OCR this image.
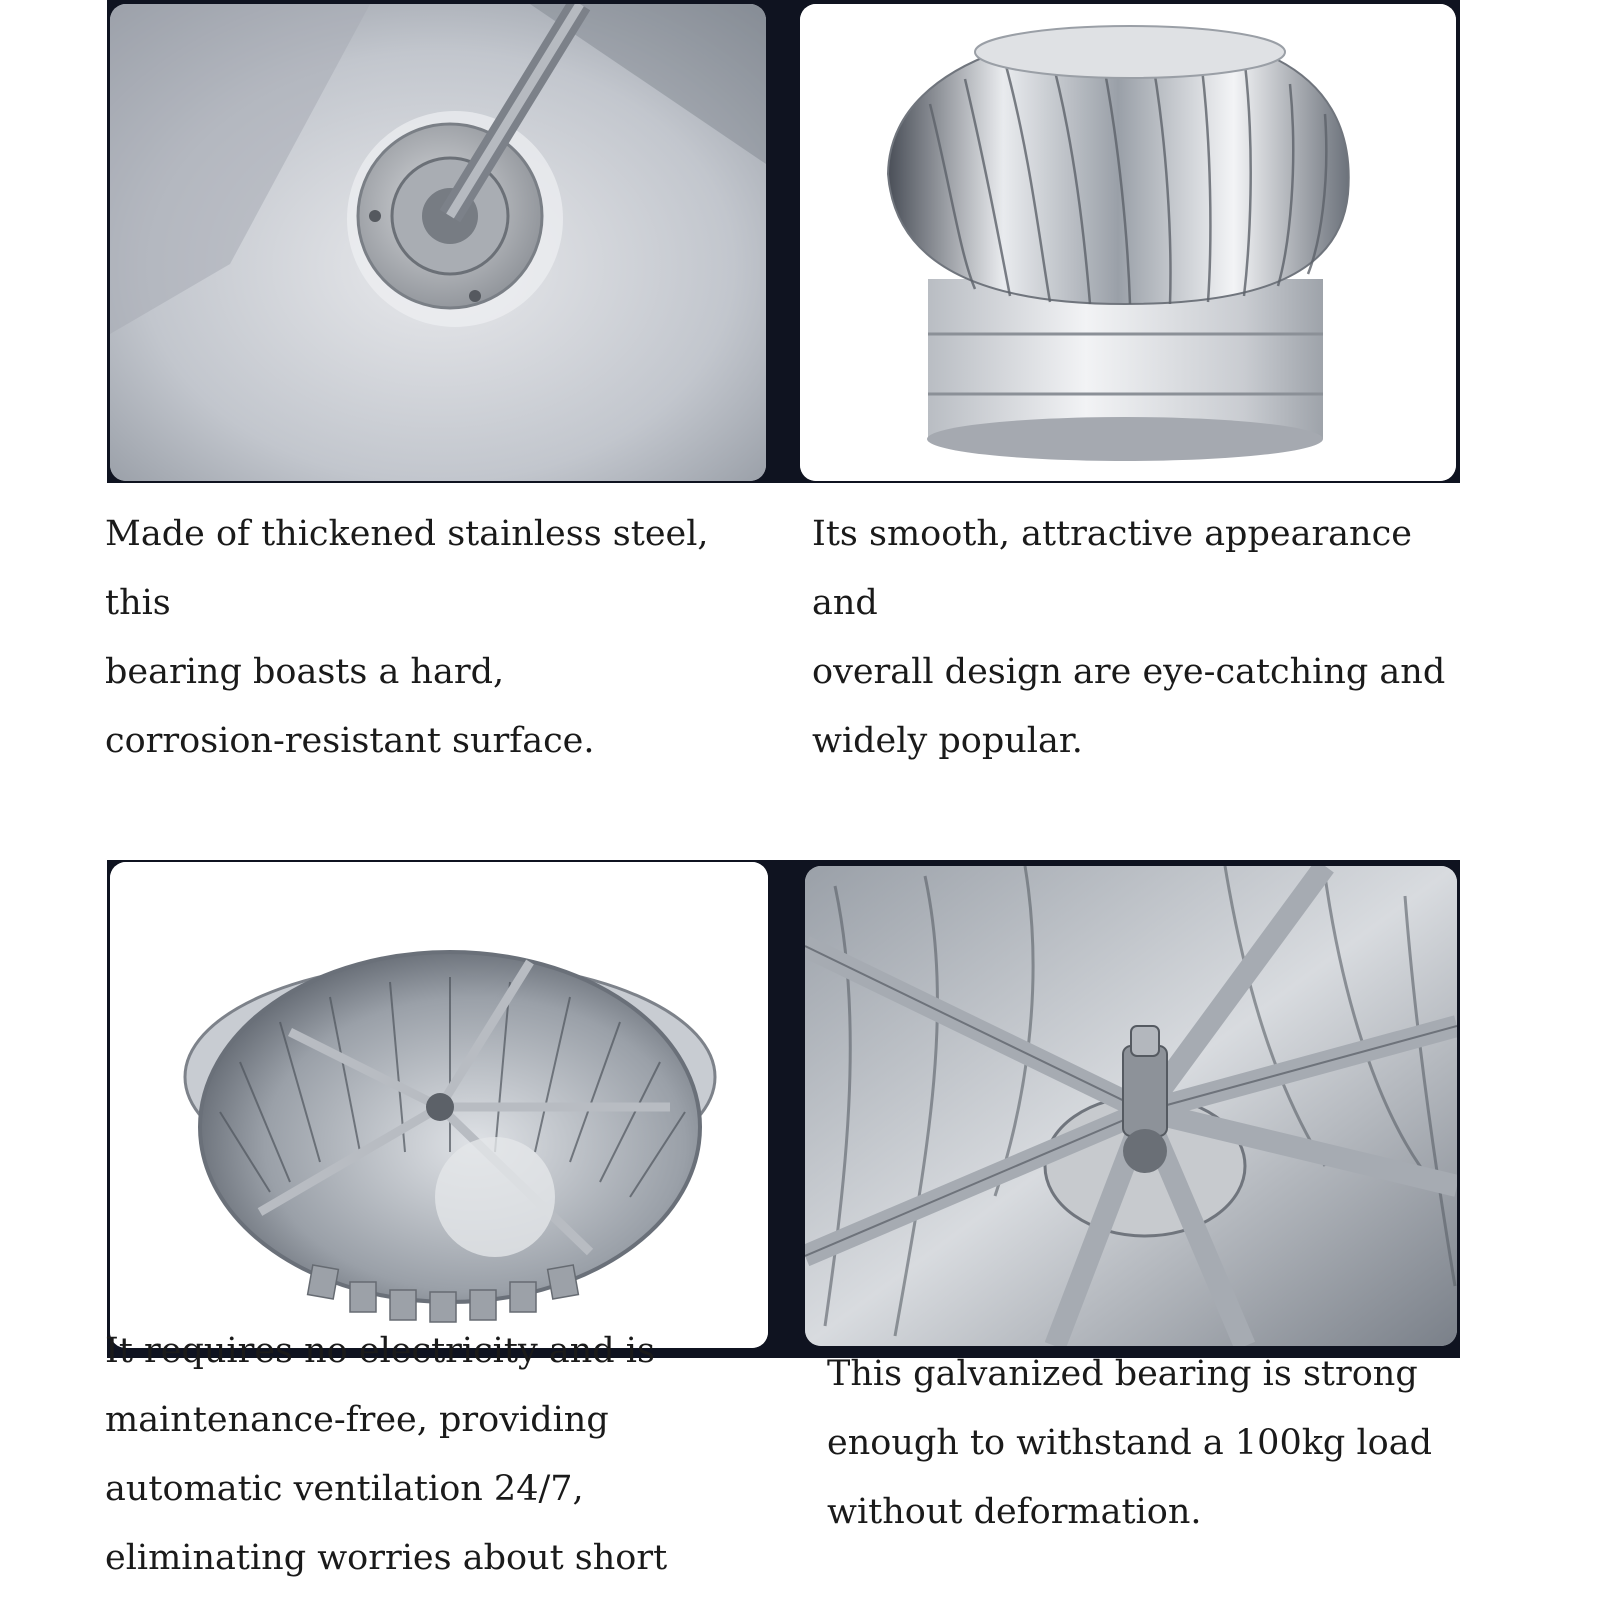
Made of thickened stainless steel, this

bearing boasts a hard,

corrosion-resistant surface.

Its smooth, attractive appearance and

overall design are eye-catching and

widely popular.

It requires no electricity and is

maintenance-free, providing

automatic ventilation 24/7,

eliminating worries about short

This galvanized bearing is strong

enough to withstand a 100kg load

without deformation.
